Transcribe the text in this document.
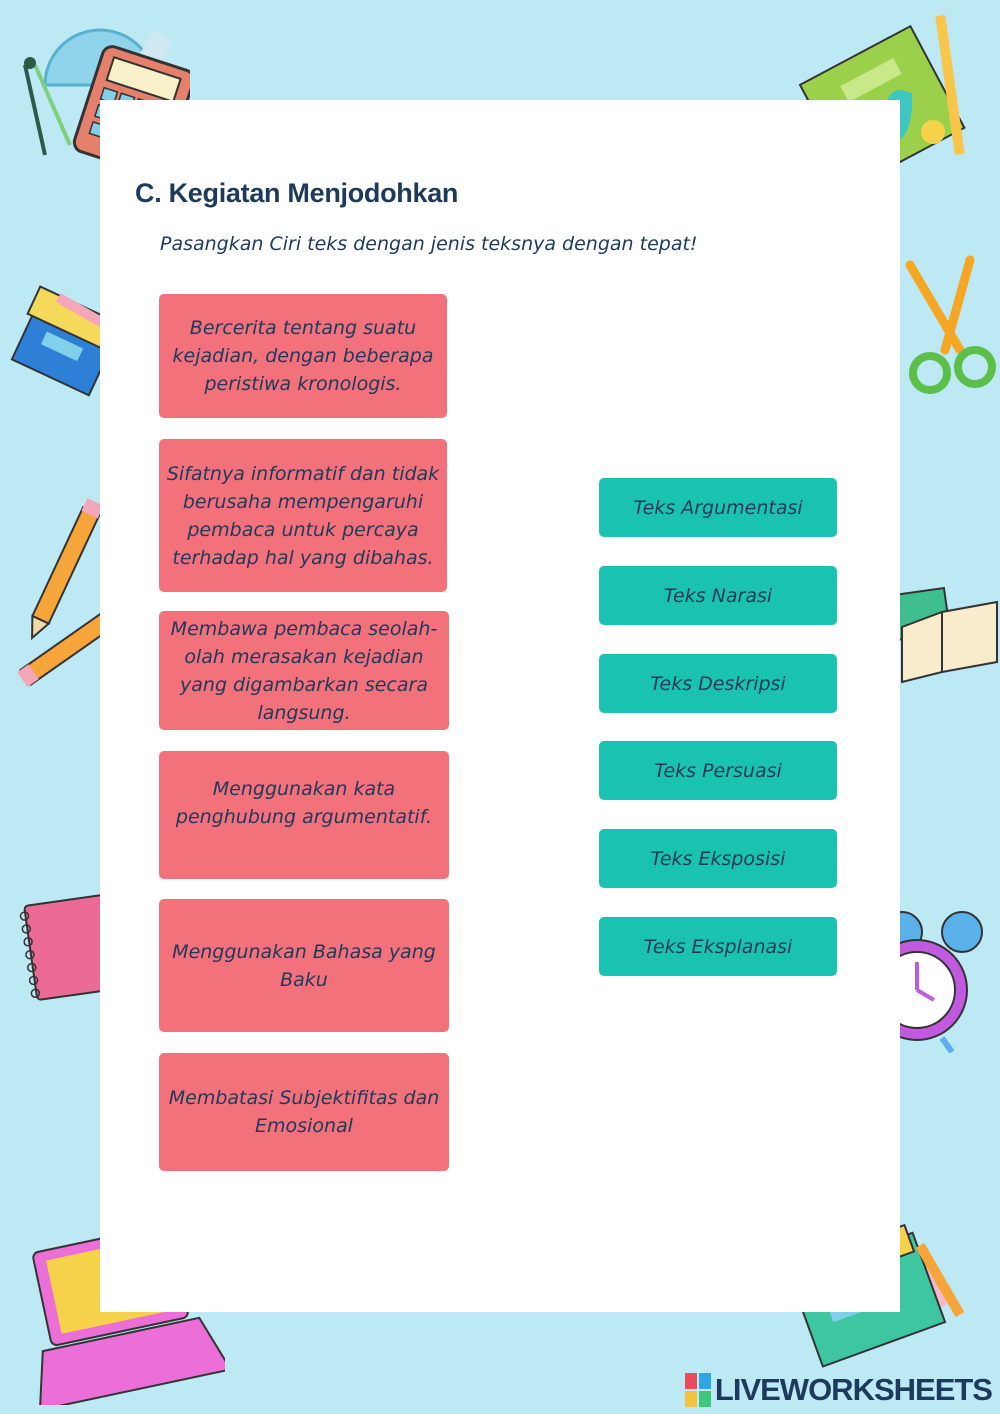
C. Kegiatan Menjodohkan

Pasangkan Ciri teks dengan jenis teksnya dengan tepat!

Bercerita tentang suatu kejadian, dengan beberapa peristiwa kronologis.
Sifatnya informatif dan tidak berusaha mempengaruhi pembaca untuk percaya terhadap hal yang dibahas.
Membawa pembaca seolah-olah merasakan kejadian yang digambarkan secara langsung.
Menggunakan kata penghubung argumentatif.
Menggunakan Bahasa yang Baku
Membatasi Subjektifitas dan Emosional
Teks Argumentasi
Teks Narasi
Teks Deskripsi
Teks Persuasi
Teks Eksposisi
Teks Eksplanasi
LIVEWORKSHEETS
